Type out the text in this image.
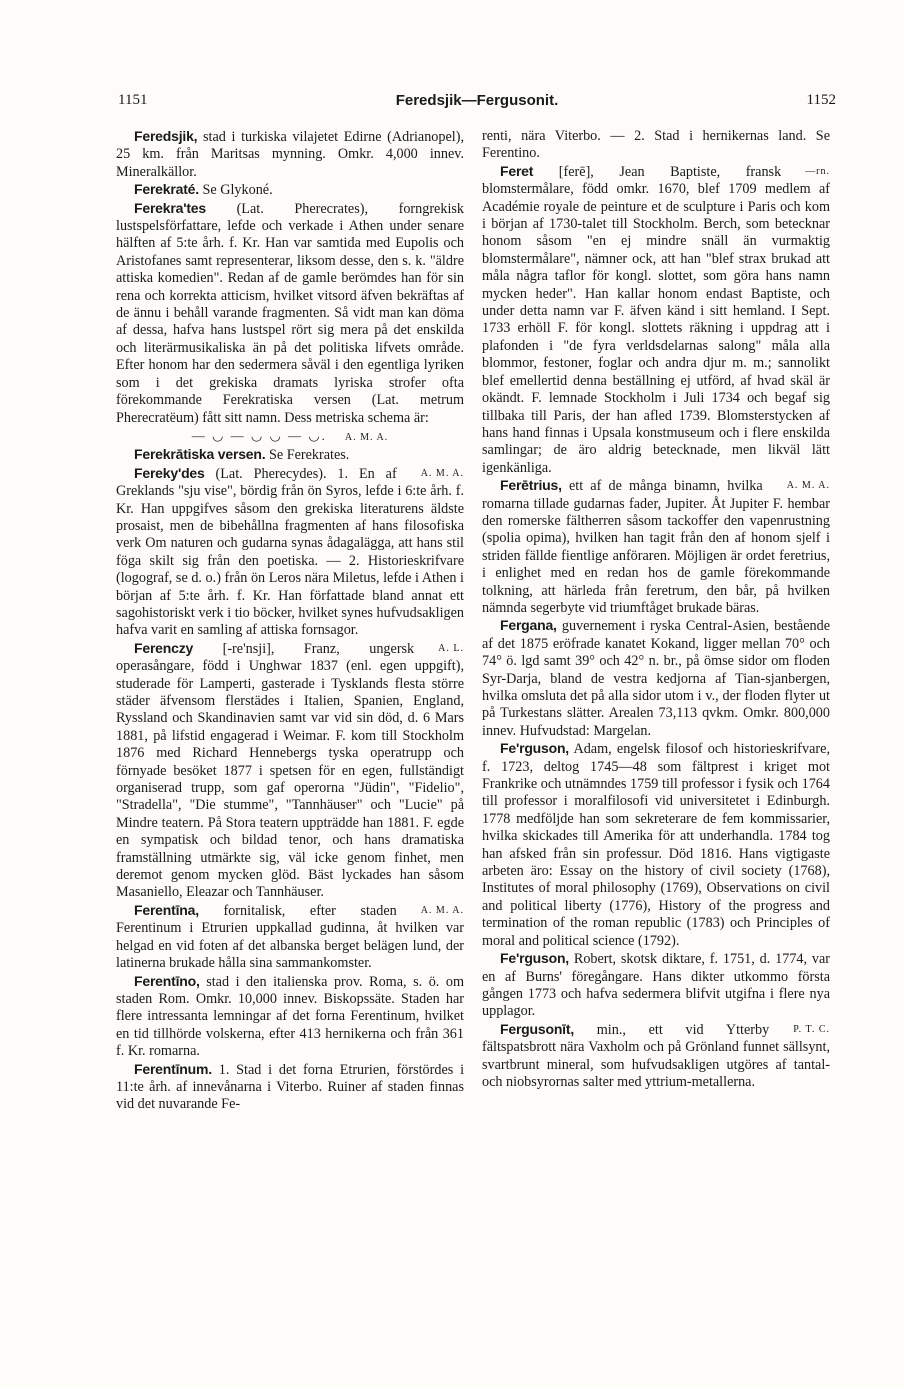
1151	Feredsjik—Fergusonit.	1152

Feredsjik, stad i turkiska vilajetet Edirne (Adrianopel), 25 km. från Maritsas mynning. Omkr. 4,000 innev. Mineralkällor.

Ferekraté. Se Glykoné.

Ferekra'tes (Lat. Pherecrates), forngrekisk lustspelsförfattare, lefde och verkade i Athen under senare hälften af 5:te årh. f. Kr. Han var samtida med Eupolis och Aristofanes samt representerar, liksom desse, den s. k. "äldre attiska komedien". Redan af de gamle berömdes han för sin rena och korrekta atticism, hvilket vitsord äfven bekräftas af de ännu i behåll varande fragmenten. Så vidt man kan döma af dessa, hafva hans lustspel rört sig mera på det enskilda och literärmusikaliska än på det politiska lifvets område. Efter honom har den sedermera såväl i den egentliga lyriken som i det grekiska dramats lyriska strofer ofta förekommande Ferekratiska versen (Lat. metrum Pherecratëum) fått sitt namn. Dess metriska schema är:

— ◡ — ◡ ◡ — ◡. A. M. A.

Ferekrātiska versen. Se Ferekrates.

A. M. A.
Fereky'des (Lat. Pherecydes). 1. En af Greklands "sju vise", bördig från ön Syros, lefde i 6:te årh. f. Kr. Han uppgifves såsom den grekiska literaturens äldste prosaist, men de bibehållna fragmenten af hans filosofiska verk Om naturen och gudarna synas ådagalägga, att hans stil föga skilt sig från den poetiska. — 2. Historieskrifvare (logograf, se d. o.) från ön Leros nära Miletus, lefde i Athen i början af 5:te årh. f. Kr. Han författade bland annat ett sagohistoriskt verk i tio böcker, hvilket synes hufvudsakligen hafva varit en samling af attiska fornsagor.

A. L.
Ferenczy [-re'nsji], Franz, ungersk operasångare, född i Unghwar 1837 (enl. egen uppgift), studerade för Lamperti, gasterade i Tysklands flesta större städer äfvensom flerstädes i Italien, Spanien, England, Ryssland och Skandinavien samt var vid sin död, d. 6 Mars 1881, på lifstid engagerad i Weimar. F. kom till Stockholm 1876 med Richard Hennebergs tyska operatrupp och förnyade besöket 1877 i spetsen för en egen, fullständigt organiserad trupp, som gaf operorna "Jüdin", "Fidelio", "Stradella", "Die stumme", "Tannhäuser" och "Lucie" på Mindre teatern. På Stora teatern uppträdde han 1881. F. egde en sympatisk och bildad tenor, och hans dramatiska framställning utmärkte sig, väl icke genom finhet, men deremot genom mycken glöd. Bäst lyckades han såsom Masaniello, Eleazar och Tannhäuser.

A. M. A.
Ferentīna, fornitalisk, efter staden Ferentinum i Etrurien uppkallad gudinna, åt hvilken var helgad en vid foten af det albanska berget belägen lund, der latinerna brukade hålla sina sammankomster.

Ferentīno, stad i den italienska prov. Roma, s. ö. om staden Rom. Omkr. 10,000 innev. Biskopssäte. Staden har flere intressanta lemningar af det forna Ferentinum, hvilket en tid tillhörde volskerna, efter 413 hernikerna och från 361 f. Kr. romarna.

Ferentīnum. 1. Stad i det forna Etrurien, förstördes i 11:te årh. af innevånarna i Viterbo. Ruiner af staden finnas vid det nuvarande Fe-

renti, nära Viterbo. — 2. Stad i hernikernas land. Se Ferentino.

—rn.
Feret [ferē], Jean Baptiste, fransk blomstermålare, född omkr. 1670, blef 1709 medlem af Académie royale de peinture et de sculpture i Paris och kom i början af 1730-talet till Stockholm. Berch, som betecknar honom såsom "en ej mindre snäll än vurmaktig blomstermålare", nämner ock, att han "blef strax brukad att måla några taflor för kongl. slottet, som göra hans namn mycken heder". Han kallar honom endast Baptiste, och under detta namn var F. äfven känd i sitt hemland. I Sept. 1733 erhöll F. för kongl. slottets räkning i uppdrag att i plafonden i "de fyra verldsdelarnas salong" måla alla blommor, festoner, foglar och andra djur m. m.; sannolikt blef emellertid denna beställning ej utförd, af hvad skäl är okändt. F. lemnade Stockholm i Juli 1734 och begaf sig tillbaka till Paris, der han afled 1739. Blomsterstycken af hans hand finnas i Upsala konstmuseum och i flere enskilda samlingar; de äro aldrig betecknade, men likväl lätt igenkänliga.

A. M. A.
Ferētrius, ett af de många binamn, hvilka romarna tillade gudarnas fader, Jupiter. Åt Jupiter F. hembar den romerske fältherren såsom tackoffer den vapenrustning (spolia opima), hvilken han tagit från den af honom sjelf i striden fällde fientlige anföraren. Möjligen är ordet feretrius, i enlighet med en redan hos de gamle förekommande tolkning, att härleda från feretrum, den bår, på hvilken nämnda segerbyte vid triumftåget brukade bäras.

Fergana, guvernement i ryska Central-Asien, bestående af det 1875 eröfrade kanatet Kokand, ligger mellan 70° och 74° ö. lgd samt 39° och 42° n. br., på ömse sidor om floden Syr-Darja, bland de vestra kedjorna af Tian-sjanbergen, hvilka omsluta det på alla sidor utom i v., der floden flyter ut på Turkestans slätter. Arealen 73,113 qvkm. Omkr. 800,000 innev. Hufvudstad: Margelan.

Fe'rguson, Adam, engelsk filosof och historieskrifvare, f. 1723, deltog 1745—48 som fältprest i kriget mot Frankrike och utnämndes 1759 till professor i fysik och 1764 till professor i moralfilosofi vid universitetet i Edinburgh. 1778 medföljde han som sekreterare de fem kommissarier, hvilka skickades till Amerika för att underhandla. 1784 tog han afsked från sin professur. Död 1816. Hans vigtigaste arbeten äro: Essay on the history of civil society (1768), Institutes of moral philosophy (1769), Observations on civil and political liberty (1776), History of the progress and termination of the roman republic (1783) och Principles of moral and political science (1792).

Fe'rguson, Robert, skotsk diktare, f. 1751, d. 1774, var en af Burns' föregångare. Hans dikter utkommo första gången 1773 och hafva sedermera blifvit utgifna i flere nya upplagor.

P. T. C.
Fergusonīt, min., ett vid Ytterby fältspatsbrott nära Vaxholm och på Grönland funnet sällsynt, svartbrunt mineral, som hufvudsakligen utgöres af tantal- och niobsyrornas salter med yttrium-metallerna.
